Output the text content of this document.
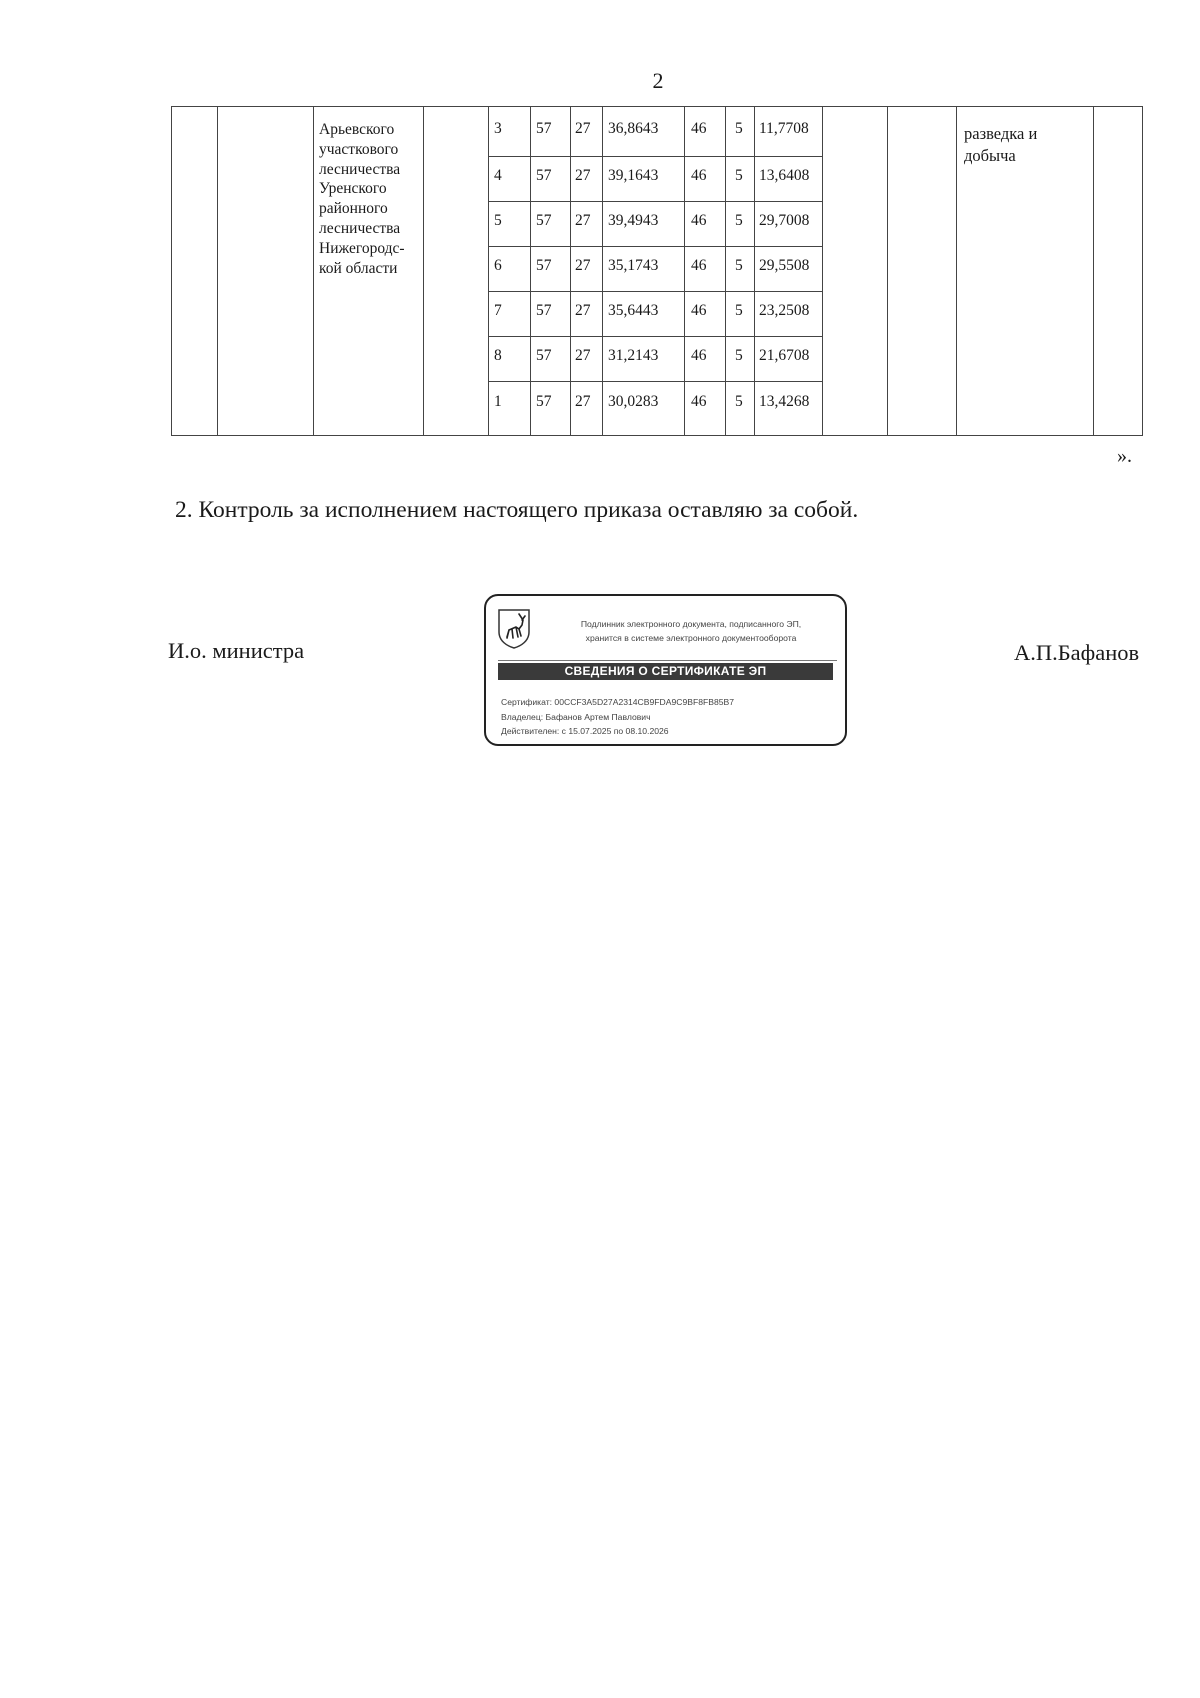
2
Арьевского
участкового
лесничества
Уренского
районного
лесничества
Нижегородс-
кой области
разведка и
добыча
3 57 27 36,8643 46 5 11,7708
4 57 27 39,1643 46 5 13,6408
5 57 27 39,4943 46 5 29,7008
6 57 27 35,1743 46 5 29,5508
7 57 27 35,6443 46 5 23,2508
8 57 27 31,2143 46 5 21,6708
1 57 27 30,0283 46 5 13,4268
».
2. Контроль за исполнением настоящего приказа оставляю за собой.
И.о. министра	А.П.Бафанов
Подлинник электронного документа, подписанного ЭП,
хранится в системе электронного документооборота
СВЕДЕНИЯ О СЕРТИФИКАТЕ ЭП
Сертификат: 00CCF3A5D27A2314CB9FDA9C9BF8FB85B7
Владелец: Бафанов Артем Павлович
Действителен: с 15.07.2025 по 08.10.2026
